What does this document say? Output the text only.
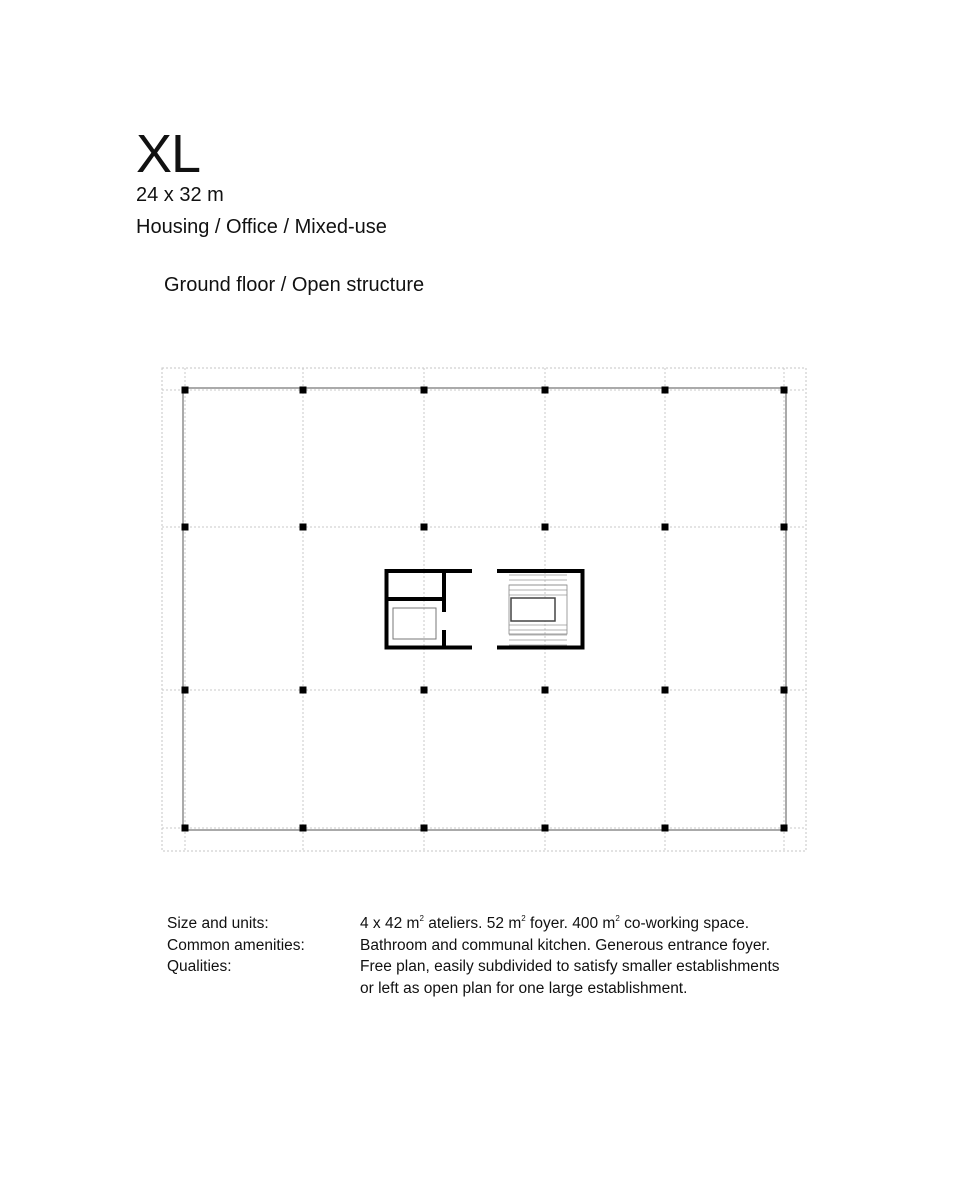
XL
24 x 32 m
Housing / Office / Mixed-use
Ground floor / Open structure
Size and units:	4 x 42 $m^2$ ateliers. 52 $m^2$ foyer. 400 $m^2$ co-working space.
Common amenities:	Bathroom and communal kitchen. Generous entrance foyer.
Qualities:	Free plan, easily subdivided to satisfy smaller establishments
or left as open plan for one large establishment.
